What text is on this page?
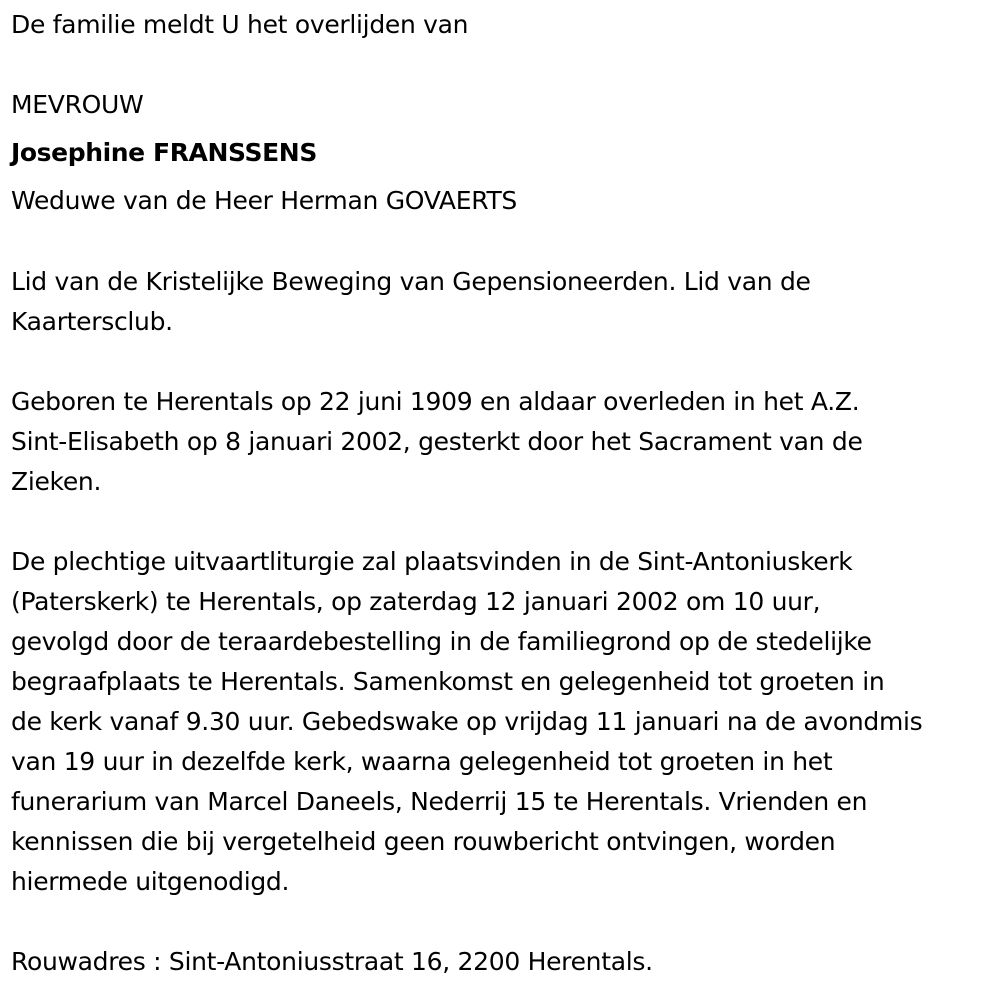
De familie meldt U het overlijden van
MEVROUW
Josephine FRANSSENS
Weduwe van de Heer Herman GOVAERTS
Lid van de Kristelijke Beweging van Gepensioneerden. Lid van de
Kaartersclub.
Geboren te Herentals op 22 juni 1909 en aldaar overleden in het A.Z.
Sint-Elisabeth op 8 januari 2002, gesterkt door het Sacrament van de
Zieken.
De plechtige uitvaartliturgie zal plaatsvinden in de Sint-Antoniuskerk
(Paterskerk) te Herentals, op zaterdag 12 januari 2002 om 10 uur,
gevolgd door de teraardebestelling in de familiegrond op de stedelijke
begraafplaats te Herentals. Samenkomst en gelegenheid tot groeten in
de kerk vanaf 9.30 uur. Gebedswake op vrijdag 11 januari na de avondmis
van 19 uur in dezelfde kerk, waarna gelegenheid tot groeten in het
funerarium van Marcel Daneels, Nederrij 15 te Herentals. Vrienden en
kennissen die bij vergetelheid geen rouwbericht ontvingen, worden
hiermede uitgenodigd.
Rouwadres : Sint-Antoniusstraat 16, 2200 Herentals.
